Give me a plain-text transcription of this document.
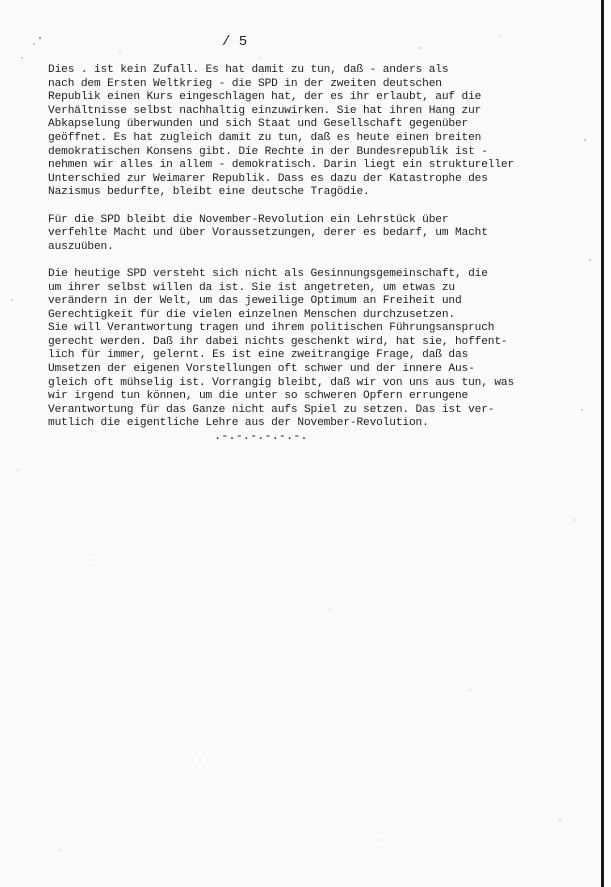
/ 5

Dies . ist kein Zufall. Es hat damit zu tun, daß - anders als
nach dem Ersten Weltkrieg - die SPD in der zweiten deutschen
Republik einen Kurs eingeschlagen hat, der es ihr erlaubt, auf die
Verhältnisse selbst nachhaltig einzuwirken. Sie hat ihren Hang zur
Abkapselung überwunden und sich Staat und Gesellschaft gegenüber
geöffnet. Es hat zugleich damit zu tun, daß es heute einen breiten
demokratischen Konsens gibt. Die Rechte in der Bundesrepublik ist -
nehmen wir alles in allem - demokratisch. Darin liegt ein struktureller
Unterschied zur Weimarer Republik. Dass es dazu der Katastrophe des
Nazismus bedurfte, bleibt eine deutsche Tragödie.

Für die SPD bleibt die November-Revolution ein Lehrstück über
verfehlte Macht und über Voraussetzungen, derer es bedarf, um Macht
auszuüben.

Die heutige SPD versteht sich nicht als Gesinnungsgemeinschaft, die
um ihrer selbst willen da ist. Sie ist angetreten, um etwas zu
verändern in der Welt, um das jeweilige Optimum an Freiheit und
Gerechtigkeit für die vielen einzelnen Menschen durchzusetzen.
Sie will Verantwortung tragen und ihrem politischen Führungsanspruch
gerecht werden. Daß ihr dabei nichts geschenkt wird, hat sie, hoffent-
lich für immer, gelernt. Es ist eine zweitrangige Frage, daß das
Umsetzen der eigenen Vorstellungen oft schwer und der innere Aus-
gleich oft mühselig ist. Vorrangig bleibt, daß wir von uns aus tun, was
wir irgend tun können, um die unter so schweren Opfern errungene
Verantwortung für das Ganze nicht aufs Spiel zu setzen. Das ist ver-
mutlich die eigentliche Lehre aus der November-Revolution.

.-.-.-.-.-.-.
